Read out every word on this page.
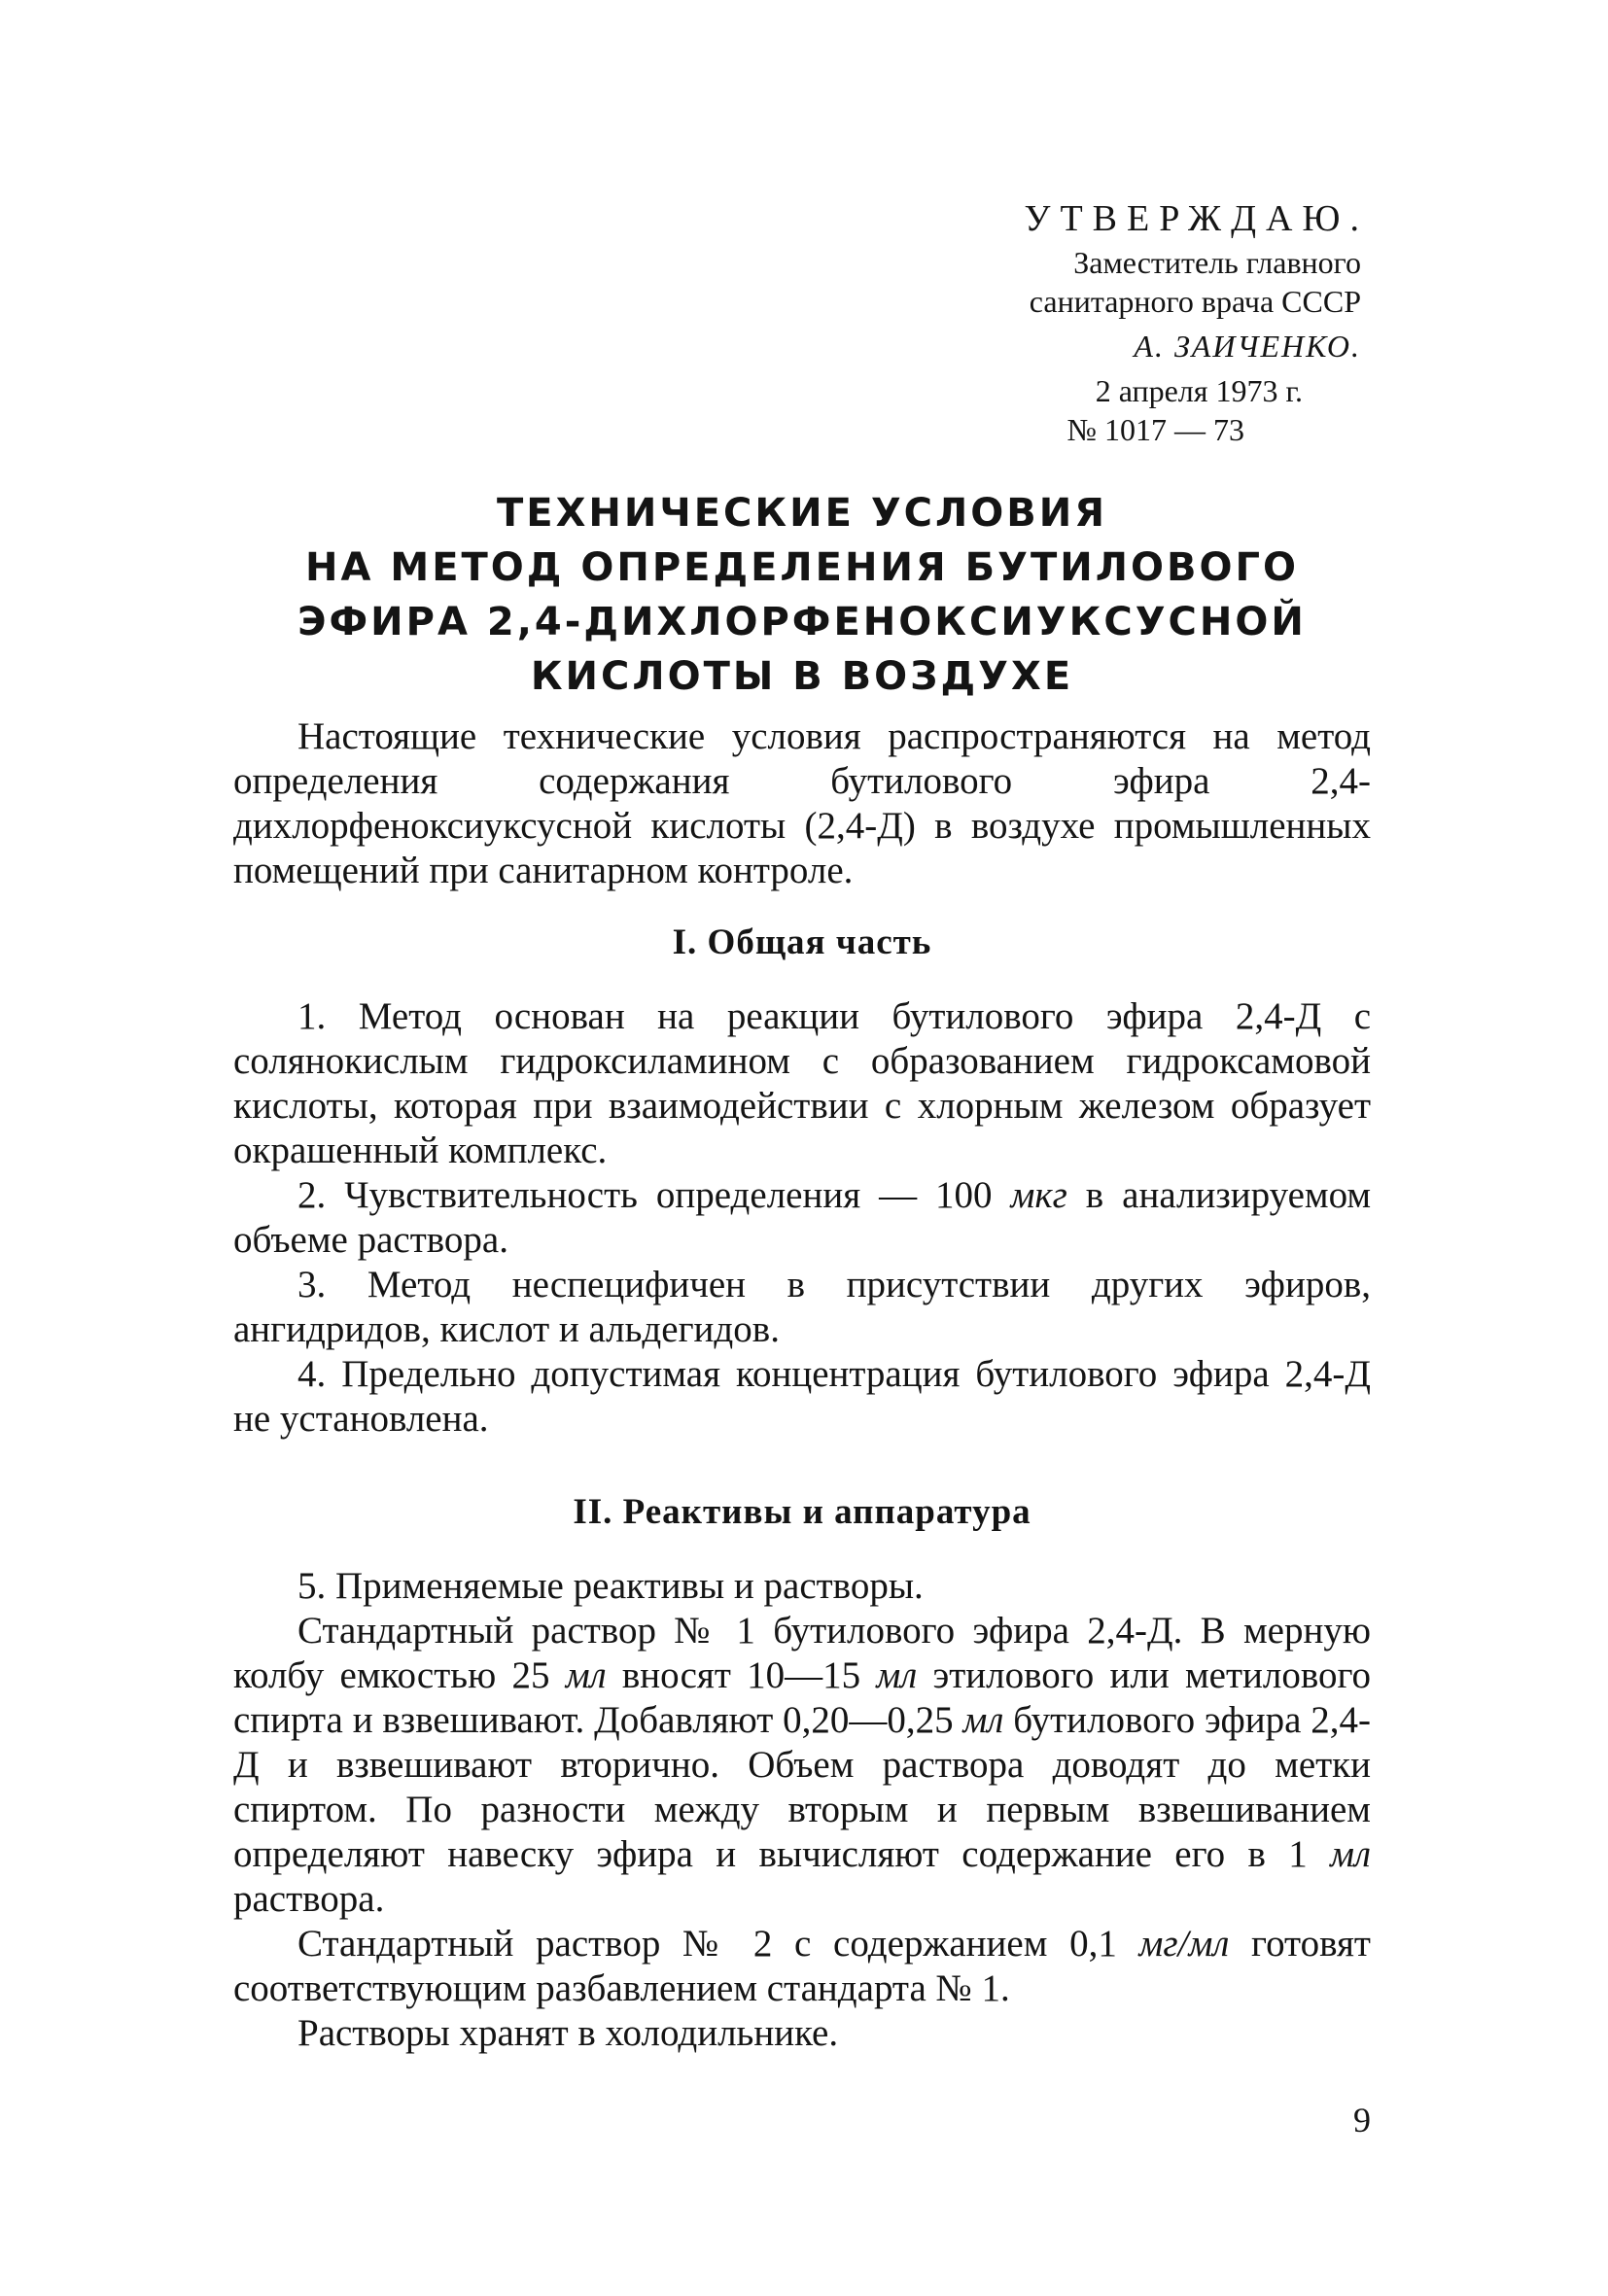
УТВЕРЖДАЮ.
Заместитель главного
санитарного врача СССР
А. ЗАИЧЕНКО.
2 апреля 1973 г.
№ 1017 — 73
ТЕХНИЧЕСКИЕ УСЛОВИЯ
НА МЕТОД ОПРЕДЕЛЕНИЯ БУТИЛОВОГО
ЭФИРА 2,4-ДИХЛОРФЕНОКСИУКСУСНОЙ
КИСЛОТЫ В ВОЗДУХЕ

Настоящие технические условия распространяются на метод определения содержания бутилового эфира 2,4-дихлорфеноксиуксусной кислоты (2,4-Д) в воздухе промышленных помещений при санитарном контроле.

I. Общая часть

1. Метод основан на реакции бутилового эфира 2,4-Д с солянокислым гидроксиламином с образованием гидроксамовой кислоты, которая при взаимодействии с хлорным железом образует окрашенный комплекс.

2. Чувствительность определения — 100 мкг в анализируемом объеме раствора.

3. Метод неспецифичен в присутствии других эфиров, ангидридов, кислот и альдегидов.

4. Предельно допустимая концентрация бутилового эфира 2,4-Д не установлена.

II. Реактивы и аппаратура

5. Применяемые реактивы и растворы.

Стандартный раствор № 1 бутилового эфира 2,4-Д. В мерную колбу емкостью 25 мл вносят 10—15 мл этилового или метилового спирта и взвешивают. Добавляют 0,20—0,25 мл бутилового эфира 2,4-Д и взвешивают вторично. Объем раствора доводят до метки спиртом. По разности между вторым и первым взвешиванием определяют навеску эфира и вычисляют содержание его в 1 мл раствора.

Стандартный раствор № 2 с содержанием 0,1 мг/мл готовят соответствующим разбавлением стандарта № 1.

Растворы хранят в холодильнике.

9
